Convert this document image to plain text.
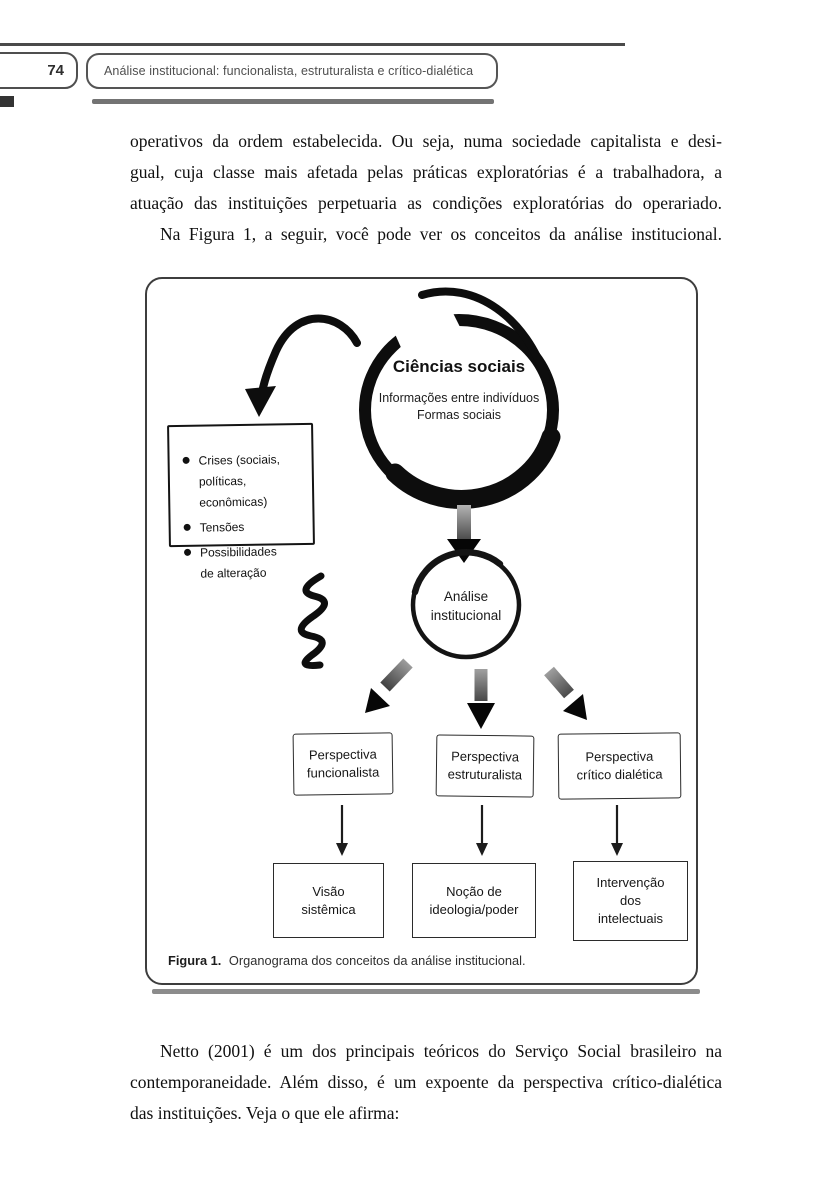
74	Análise institucional: funcionalista, estruturalista e crítico-dialética
operativos da ordem estabelecida. Ou seja, numa sociedade capitalista e desi-
gual, cuja classe mais afetada pelas práticas exploratórias é a trabalhadora, a
atuação das instituições perpetuaria as condições exploratórias do operariado.
Na Figura 1, a seguir, você pode ver os conceitos da análise institucional.
Ciências sociais
Informações entre indivíduos
Formas sociais
Crises (sociais,
políticas, econômicas)
Tensões
Possibilidades
de alteração
Análise
institucional
Perspectiva
funcionalista
Perspectiva
estruturalista
Perspectiva
crítico dialética
Visão
sistêmica
Noção de
ideologia/poder
Intervenção
dos
intelectuais
Figura 1. Organograma dos conceitos da análise institucional.
Netto (2001) é um dos principais teóricos do Serviço Social brasileiro na
contemporaneidade. Além disso, é um expoente da perspectiva crítico-dialética
das instituições. Veja o que ele afirma:
